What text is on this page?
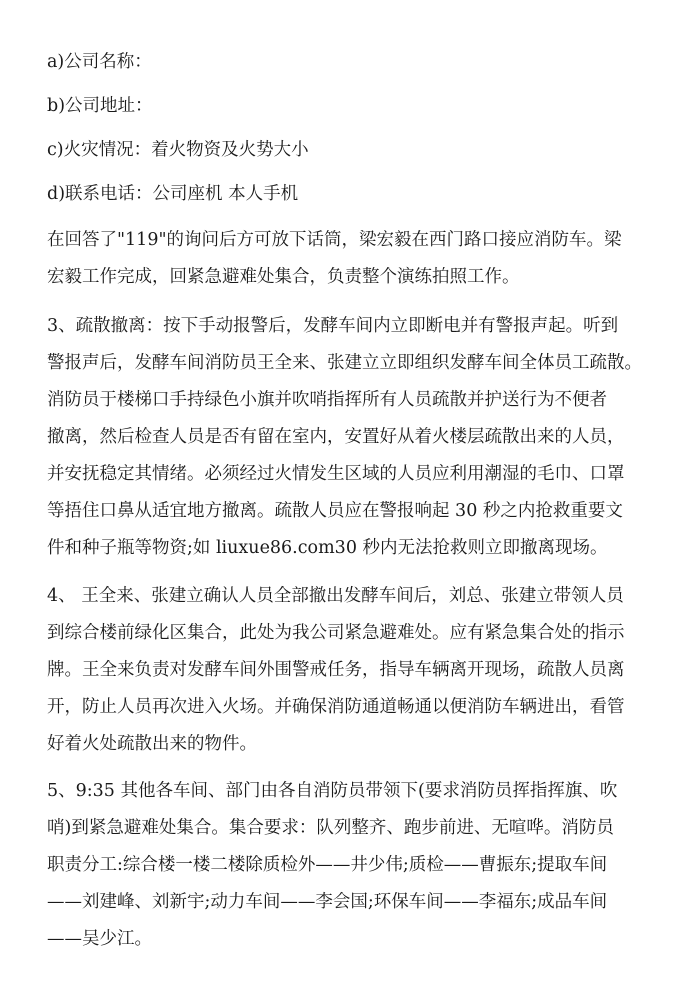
a)公司名称：
b)公司地址：
c)火灾情况：着火物资及火势大小
d)联系电话：公司座机 本人手机
在回答了"119"的询问后方可放下话筒，梁宏毅在西门路口接应消防车。梁
宏毅工作完成，回紧急避难处集合，负责整个演练拍照工作。
3、疏散撤离：按下手动报警后，发酵车间内立即断电并有警报声起。听到
警报声后，发酵车间消防员王全来、张建立立即组织发酵车间全体员工疏散。
消防员于楼梯口手持绿色小旗并吹哨指挥所有人员疏散并护送行为不便者
撤离，然后检查人员是否有留在室内，安置好从着火楼层疏散出来的人员，
并安抚稳定其情绪。必须经过火情发生区域的人员应利用潮湿的毛巾、口罩
等捂住口鼻从适宜地方撤离。疏散人员应在警报响起 30 秒之内抢救重要文
件和种子瓶等物资;如 liuxue86.com30 秒内无法抢救则立即撤离现场。
4、 王全来、张建立确认人员全部撤出发酵车间后，刘总、张建立带领人员
到综合楼前绿化区集合，此处为我公司紧急避难处。应有紧急集合处的指示
牌。王全来负责对发酵车间外围警戒任务，指导车辆离开现场，疏散人员离
开，防止人员再次进入火场。并确保消防通道畅通以便消防车辆进出，看管
好着火处疏散出来的物件。
5、9:35 其他各车间、部门由各自消防员带领下(要求消防员挥指挥旗、吹
哨)到紧急避难处集合。集合要求：队列整齐、跑步前进、无喧哗。消防员
职责分工:综合楼一楼二楼除质检外——井少伟;质检——曹振东;提取车间
——刘建峰、刘新宇;动力车间——李会国;环保车间——李福东;成品车间
——吴少江。
